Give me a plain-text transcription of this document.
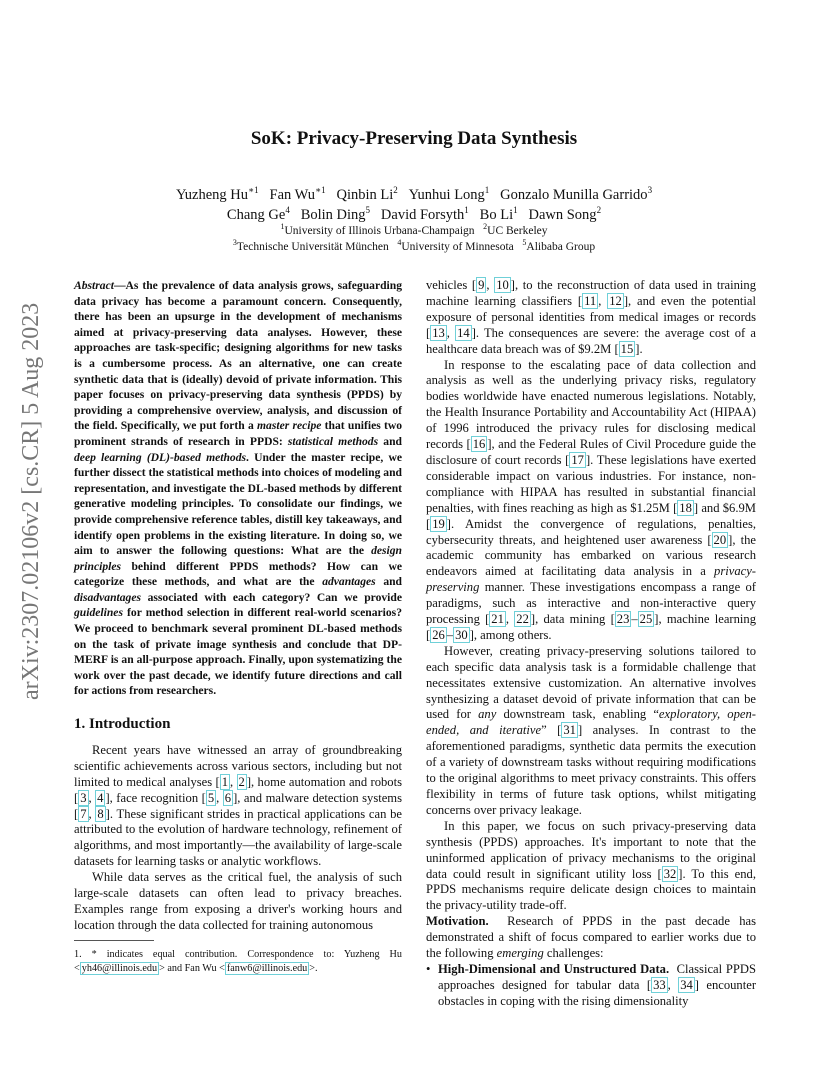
arXiv:2307.02106v2 [cs.CR] 5 Aug 2023
SoK: Privacy-Preserving Data Synthesis
Yuzheng $Hu^{∗1}$ Fan $Wu^{∗1}$ Qinbin Li$^2$ Yunhui Long$^1$ Gonzalo Munilla Garrido$^3$
Chang Ge$^4$ Bolin Ding$^5$ David Forsyth$^1$ Bo Li$^1$ Dawn Song$^2$
$^1$University of Illinois Urbana-Champaign $^2$UC Berkeley
$^3$Technische Universität München $^4$University of Minnesota $^5$Alibaba Group

Abstract—As the prevalence of data analysis grows, safeguarding data privacy has become a paramount concern. Consequently, there has been an upsurge in the development of mechanisms aimed at privacy-preserving data analyses. However, these approaches are task-specific; designing algorithms for new tasks is a cumbersome process. As an alternative, one can create synthetic data that is (ideally) devoid of private information. This paper focuses on privacy-preserving data synthesis (PPDS) by providing a comprehensive overview, analysis, and discussion of the field. Specifically, we put forth a master recipe that unifies two prominent strands of research in PPDS: statistical methods and deep learning (DL)-based methods. Under the master recipe, we further dissect the statistical methods into choices of modeling and representation, and investigate the DL-based methods by different generative modeling principles. To consolidate our findings, we provide comprehensive reference tables, distill key takeaways, and identify open problems in the existing literature. In doing so, we aim to answer the following questions: What are the design principles behind different PPDS methods? How can we categorize these methods, and what are the advantages and disadvantages associated with each category? Can we provide guidelines for method selection in different real-world scenarios? We proceed to benchmark several prominent DL-based methods on the task of private image synthesis and conclude that DP-MERF is an all-purpose approach. Finally, upon systematizing the work over the past decade, we identify future directions and call for actions from researchers.

1. Introduction

Recent years have witnessed an array of groundbreaking scientific achievements across various sectors, including but not limited to medical analyses [ 1 , 2 ], home automation and robots [ 3 , 4 ], face recognition [ 5 , 6 ], and malware detection systems [ 7 , 8 ]. These significant strides in practical applications can be attributed to the evolution of hardware technology, refinement of algorithms, and most importantly—the availability of large-scale datasets for learning tasks or analytic workflows.

While data serves as the critical fuel, the analysis of such large-scale datasets can often lead to privacy breaches. Examples range from exposing a driver's working hours and location through the data collected for training autonomous

1. * indicates equal contribution. Correspondence to: Yuzheng Hu < yh46@illinois.edu > and Fan Wu < fanw6@illinois.edu >.

vehicles [ 9 , 10 ], to the reconstruction of data used in training machine learning classifiers [ 11 , 12 ], and even the potential exposure of personal identities from medical images or records [ 13 , 14 ]. The consequences are severe: the average cost of a healthcare data breach was of $9.2M [ 15 ].

In response to the escalating pace of data collection and analysis as well as the underlying privacy risks, regulatory bodies worldwide have enacted numerous legislations. Notably, the Health Insurance Portability and Accountability Act (HIPAA) of 1996 introduced the privacy rules for disclosing medical records [ 16 ], and the Federal Rules of Civil Procedure guide the disclosure of court records [ 17 ]. These legislations have exerted considerable impact on various industries. For instance, non-compliance with HIPAA has resulted in substantial financial penalties, with fines reaching as high as $1.25M [ 18 ] and $6.9M [ 19 ]. Amidst the convergence of regulations, penalties, cybersecurity threats, and heightened user awareness [ 20 ], the academic community has embarked on various research endeavors aimed at facilitating data analysis in a privacy-preserving manner. These investigations encompass a range of paradigms, such as interactive and non-interactive query processing [ 21 , 22 ], data mining [ 23 – 25 ], machine learning [ 26 – 30 ], among others.

However, creating privacy-preserving solutions tailored to each specific data analysis task is a formidable challenge that necessitates extensive customization. An alternative involves synthesizing a dataset devoid of private information that can be used for any downstream task, enabling “exploratory, open-ended, and iterative” [ 31 ] analyses. In contrast to the aforementioned paradigms, synthetic data permits the execution of a variety of downstream tasks without requiring modifications to the original algorithms to meet privacy constraints. This offers flexibility in terms of future task options, whilst mitigating concerns over privacy leakage.

In this paper, we focus on such privacy-preserving data synthesis (PPDS) approaches. It's important to note that the uninformed application of privacy mechanisms to the original data could result in significant utility loss [ 32 ]. To this end, PPDS mechanisms require delicate design choices to maintain the privacy-utility trade-off.

Motivation.  Research of PPDS in the past decade has demonstrated a shift of focus compared to earlier works due to the following emerging challenges:

• High-Dimensional and Unstructured Data.  Classical PPDS approaches designed for tabular data [ 33 , 34 ] encounter obstacles in coping with the rising dimensionality
